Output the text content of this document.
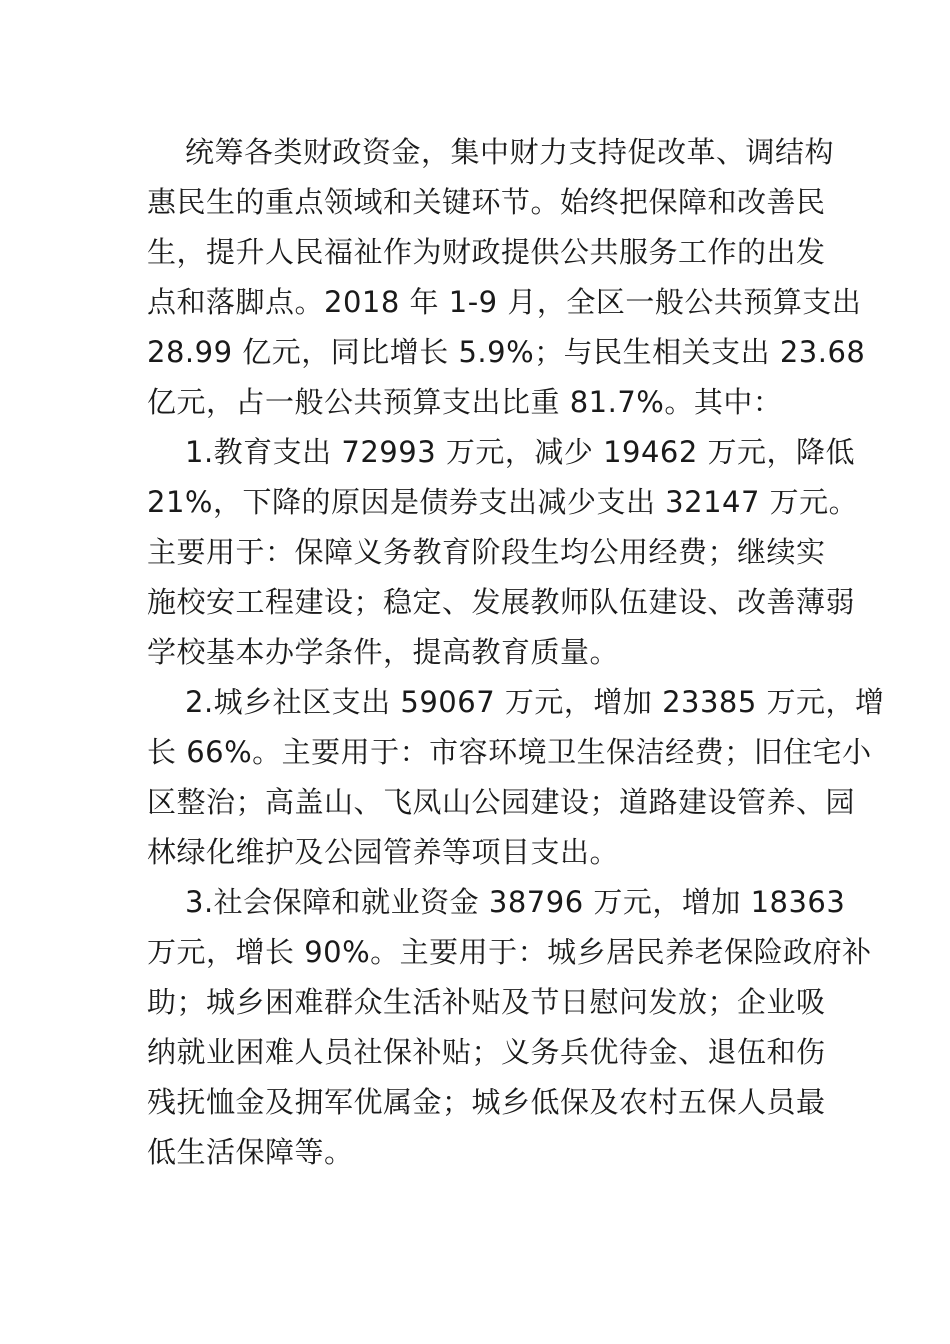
统筹各类财政资金，集中财力支持促改革、调结构
惠民生的重点领域和关键环节。始终把保障和改善民
生，提升人民福祉作为财政提供公共服务工作的出发
点和落脚点。2018 年 1-9 月，全区一般公共预算支出
28.99 亿元，同比增长 5.9%；与民生相关支出 23.68
亿元，占一般公共预算支出比重 81.7%。其中：
1.教育支出 72993 万元，减少 19462 万元，降低
21%，下降的原因是债券支出减少支出 32147 万元。
主要用于：保障义务教育阶段生均公用经费；继续实
施校安工程建设；稳定、发展教师队伍建设、改善薄弱
学校基本办学条件，提高教育质量。
2.城乡社区支出 59067 万元，增加 23385 万元，增
长 66%。主要用于：市容环境卫生保洁经费；旧住宅小
区整治；高盖山、飞凤山公园建设；道路建设管养、园
林绿化维护及公园管养等项目支出。
3.社会保障和就业资金 38796 万元，增加 18363
万元，增长 90%。主要用于：城乡居民养老保险政府补
助；城乡困难群众生活补贴及节日慰问发放；企业吸
纳就业困难人员社保补贴；义务兵优待金、退伍和伤
残抚恤金及拥军优属金；城乡低保及农村五保人员最
低生活保障等。
